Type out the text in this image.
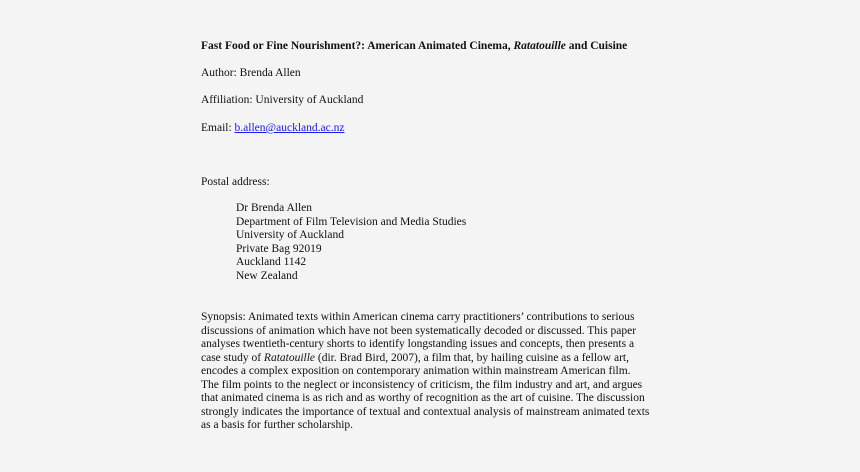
Fast Food or Fine Nourishment?: American Animated Cinema, Ratatouille and Cuisine
Author: Brenda Allen
Affiliation: University of Auckland
Email: b.allen@auckland.ac.nz
Postal address:
Dr Brenda Allen
Department of Film Television and Media Studies
University of Auckland
Private Bag 92019
Auckland 1142
New Zealand
Synopsis: Animated texts within American cinema carry practitioners’ contributions to serious
discussions of animation which have not been systematically decoded or discussed. This paper
analyses twentieth-century shorts to identify longstanding issues and concepts, then presents a
case study of Ratatouille (dir. Brad Bird, 2007), a film that, by hailing cuisine as a fellow art,
encodes a complex exposition on contemporary animation within mainstream American film.
The film points to the neglect or inconsistency of criticism, the film industry and art, and argues
that animated cinema is as rich and as worthy of recognition as the art of cuisine. The discussion
strongly indicates the importance of textual and contextual analysis of mainstream animated texts
as a basis for further scholarship.
